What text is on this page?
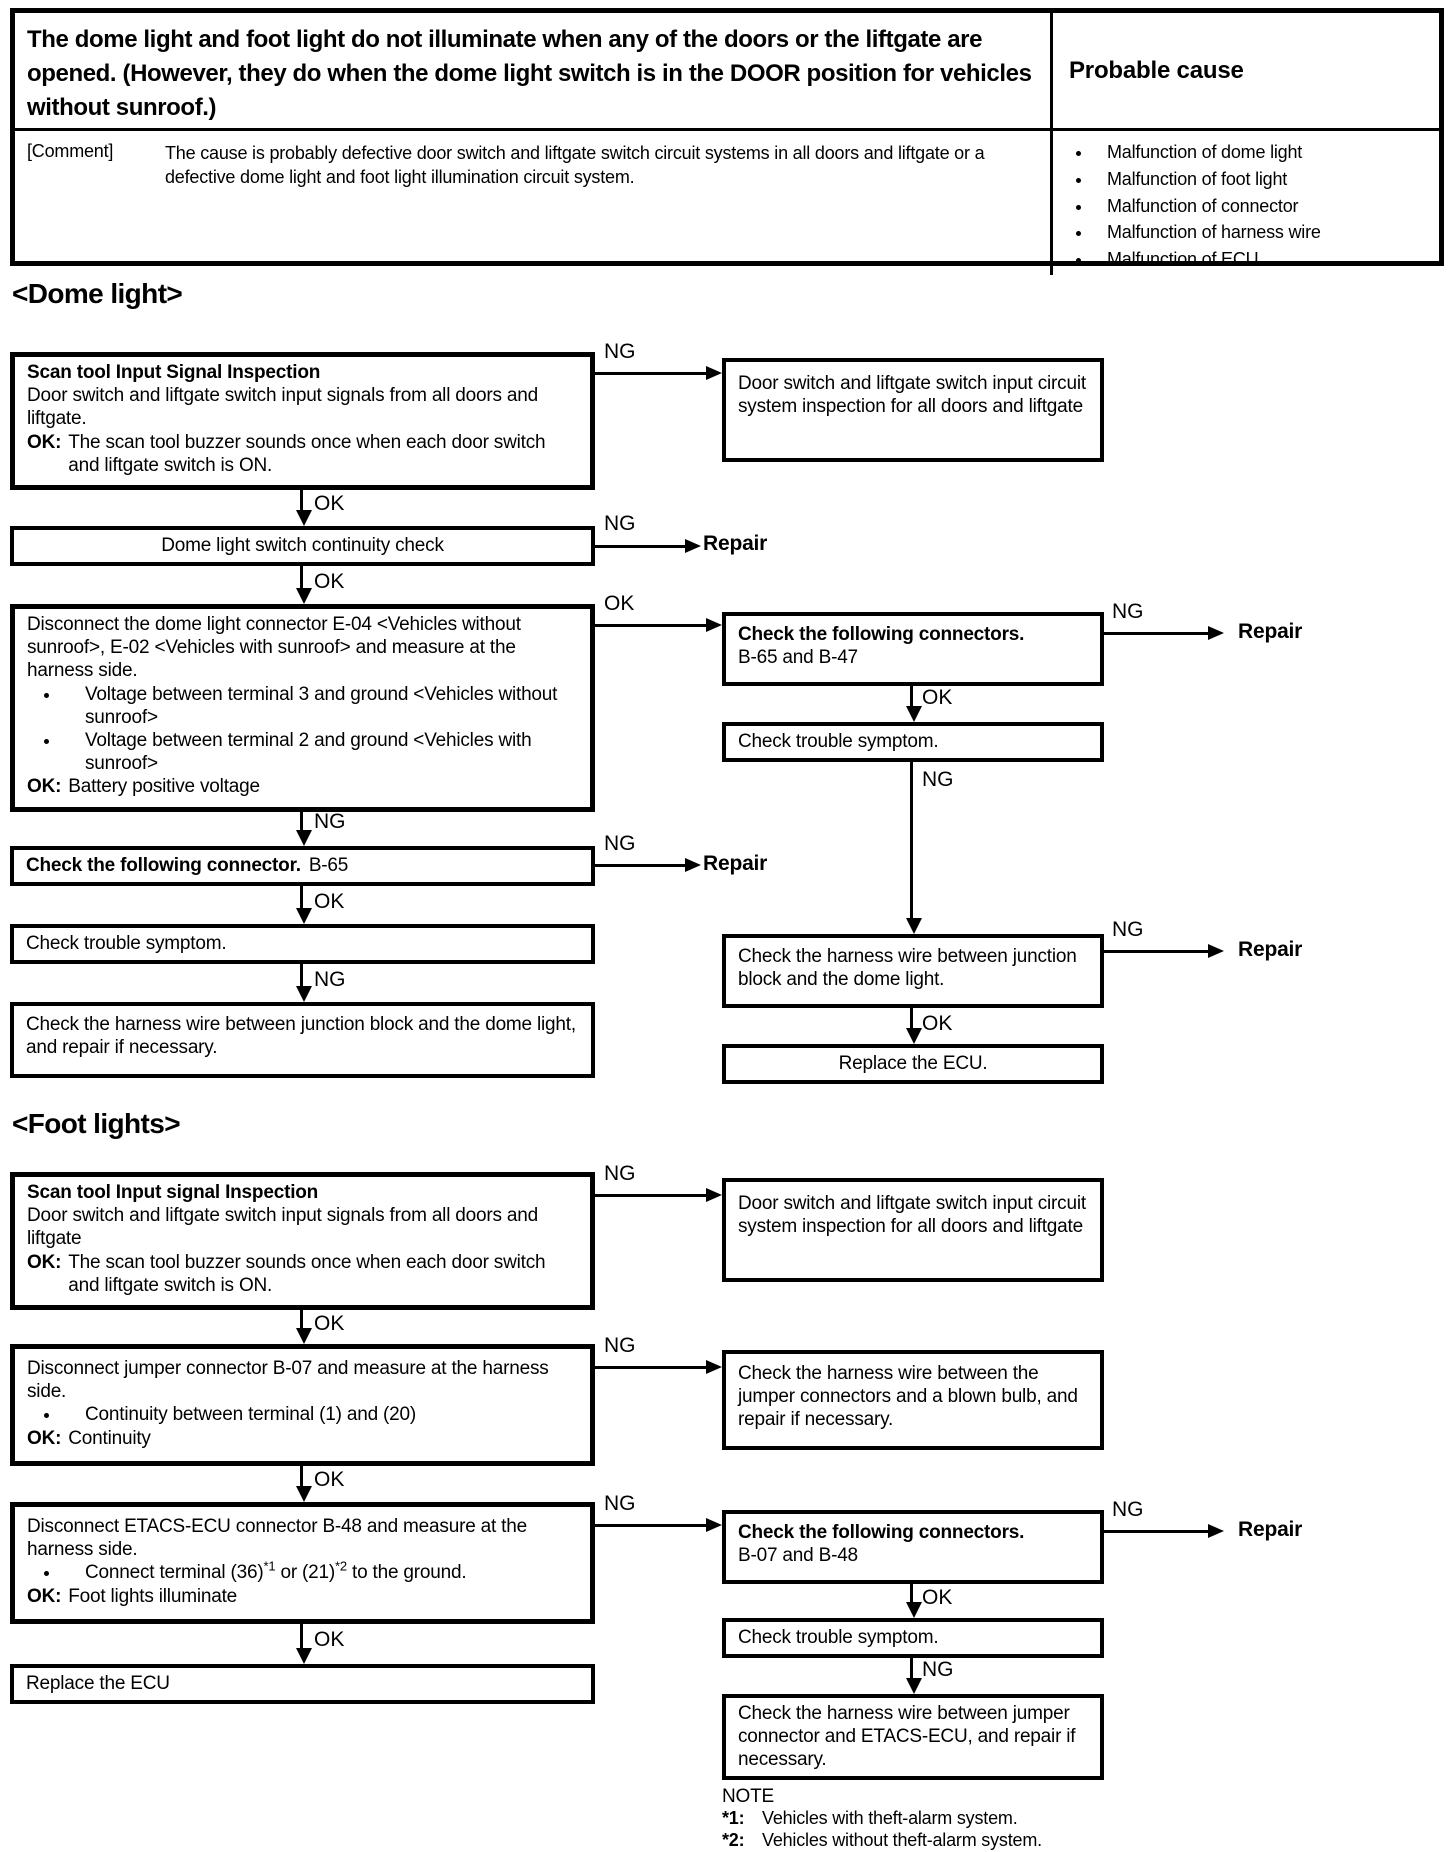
The dome light and foot light do not illuminate when any of the doors or the liftgate are opened. (However, they do when the dome light switch is in the DOOR position for vehicles without sunroof.)
Probable cause
[Comment]	The cause is probably defective door switch and liftgate switch circuit systems in all doors and liftgate or a defective dome light and foot light illumination circuit system.
• Malfunction of dome light
• Malfunction of foot light
• Malfunction of connector
• Malfunction of harness wire
• Malfunction of ECU
<Dome light>
Scan tool Input Signal Inspection
Door switch and liftgate switch input signals from all doors and liftgate.
OK: The scan tool buzzer sounds once when each door switch and liftgate switch is ON.
Dome light switch continuity check
Disconnect the dome light connector E-04 <Vehicles without sunroof>, E-02 <Vehicles with sunroof> and measure at the harness side.
• Voltage between terminal 3 and ground <Vehicles without sunroof>
• Voltage between terminal 2 and ground <Vehicles with sunroof>
OK: Battery positive voltage
Check the following connector. B-65
Check trouble symptom.
Check the harness wire between junction block and the dome light, and repair if necessary.
Door switch and liftgate switch input circuit system inspection for all doors and liftgate
Check the following connectors.
B-65 and B-47
Check trouble symptom.
Check the harness wire between junction block and the dome light.
Replace the ECU.
NG
OK
NG
Repair
OK
OK	NG
Repair
OK
NG
NG
NG
Repair
OK
NG
Repair
NG
OK
<Foot lights>
Scan tool Input signal Inspection
Door switch and liftgate switch input signals from all doors and liftgate
OK: The scan tool buzzer sounds once when each door switch and liftgate switch is ON.
Disconnect jumper connector B-07 and measure at the harness side.
• Continuity between terminal (1) and (20)
OK: Continuity
Disconnect ETACS-ECU connector B-48 and measure at the harness side.
• Connect terminal $(36)^{*1}$ or $(21)^{*2}$ to the ground.
OK: Foot lights illuminate
Replace the ECU
Door switch and liftgate switch input circuit system inspection for all doors and liftgate
Check the harness wire between the jumper connectors and a blown bulb, and repair if necessary.
Check the following connectors.
B-07 and B-48
Check trouble symptom.
Check the harness wire between jumper connector and ETACS-ECU, and repair if necessary.
NG
OK
NG
OK
NG	NG
Repair
OK
OK
NG
NOTE
*1: Vehicles with theft-alarm system.
*2: Vehicles without theft-alarm system.
